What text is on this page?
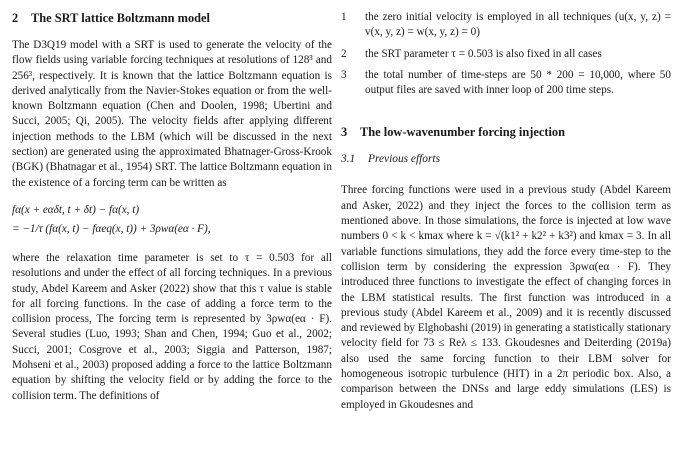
2 The SRT lattice Boltzmann model

The D3Q19 model with a SRT is used to generate the velocity of the flow fields using variable forcing techniques at resolutions of 128³ and 256³, respectively. It is known that the lattice Boltzmann equation is derived analytically from the Navier-Stokes equation or from the well-known Boltzmann equation (Chen and Doolen, 1998; Ubertini and Succi, 2005; Qi, 2005). The velocity fields after applying different injection methods to the LBM (which will be discussed in the next section) are generated using the approximated Bhatnager-Gross-Krook (BGK) (Bhatnagar et al., 1954) SRT. The lattice Boltzmann equation in the existence of a forcing term can be written as

fα(x + eαδt, t + δt) − fα(x, t)
= −1/τ (fα(x, t) − fαeq(x, t)) + 3ρwα(eα · F),

where the relaxation time parameter is set to τ = 0.503 for all resolutions and under the effect of all forcing techniques. In a previous study, Abdel Kareem and Asker (2022) show that this τ value is stable for all forcing functions. In the case of adding a force term to the collision process, The forcing term is represented by 3ρwα(eα · F). Several studies (Luo, 1993; Shan and Chen, 1994; Guo et al., 2002; Succi, 2001; Cosgrove et al., 2003; Siggia and Patterson, 1987; Mohseni et al., 2003) proposed adding a force to the lattice Boltzmann equation by shifting the velocity field or by adding the force to the collision term. The definitions of

1	the zero initial velocity is employed in all techniques (u(x, y, z) = v(x, y, z) = w(x, y, z) = 0)
2	the SRT parameter τ = 0.503 is also fixed in all cases
3	the total number of time-steps are 50 * 200 = 10,000, where 50 output files are saved with inner loop of 200 time steps.
3 The low-wavenumber forcing injection
3.1 Previous efforts

Three forcing functions were used in a previous study (Abdel Kareem and Asker, 2022) and they inject the forces to the collision term as mentioned above. In those simulations, the force is injected at low wave numbers 0 < k < kmax where k = √(k1² + k2² + k3²) and kmax = 3. In all variable functions simulations, they add the force every time-step to the collision term by considering the expression 3ρwα(eα · F). They introduced three functions to investigate the effect of changing forces in the LBM statistical results. The first function was introduced in a previous study (Abdel Kareem et al., 2009) and it is recently discussed and reviewed by Elghobashi (2019) in generating a statistically stationary velocity field for 73 ≤ Reλ ≤ 133. Gkoudesnes and Deiterding (2019a) also used the same forcing function to their LBM solver for homogeneous isotropic turbulence (HIT) in a 2π periodic box. Also, a comparison between the DNSs and large eddy simulations (LES) is employed in Gkoudesnes and
